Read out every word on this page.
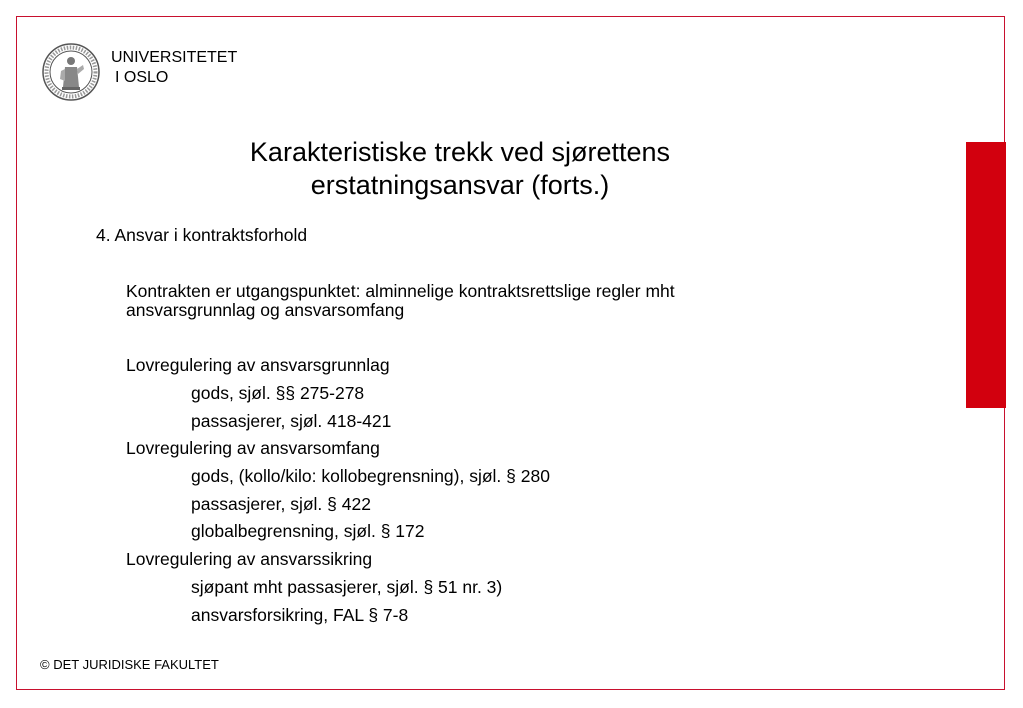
UNIVERSITETET
I OSLO
Karakteristiske trekk ved sjørettens
erstatningsansvar (forts.)
4. Ansvar i kontraktsforhold
Kontrakten er utgangspunktet: alminnelige kontraktsrettslige regler mht
ansvarsgrunnlag og ansvarsomfang
Lovregulering av ansvarsgrunnlag
gods, sjøl. §§ 275-278
passasjerer, sjøl. 418-421
Lovregulering av ansvarsomfang
gods, (kollo/kilo: kollobegrensning), sjøl. § 280
passasjerer, sjøl. § 422
globalbegrensning, sjøl. § 172
Lovregulering av ansvarssikring
sjøpant mht passasjerer, sjøl. § 51 nr. 3)
ansvarsforsikring, FAL § 7-8
© DET JURIDISKE FAKULTET
